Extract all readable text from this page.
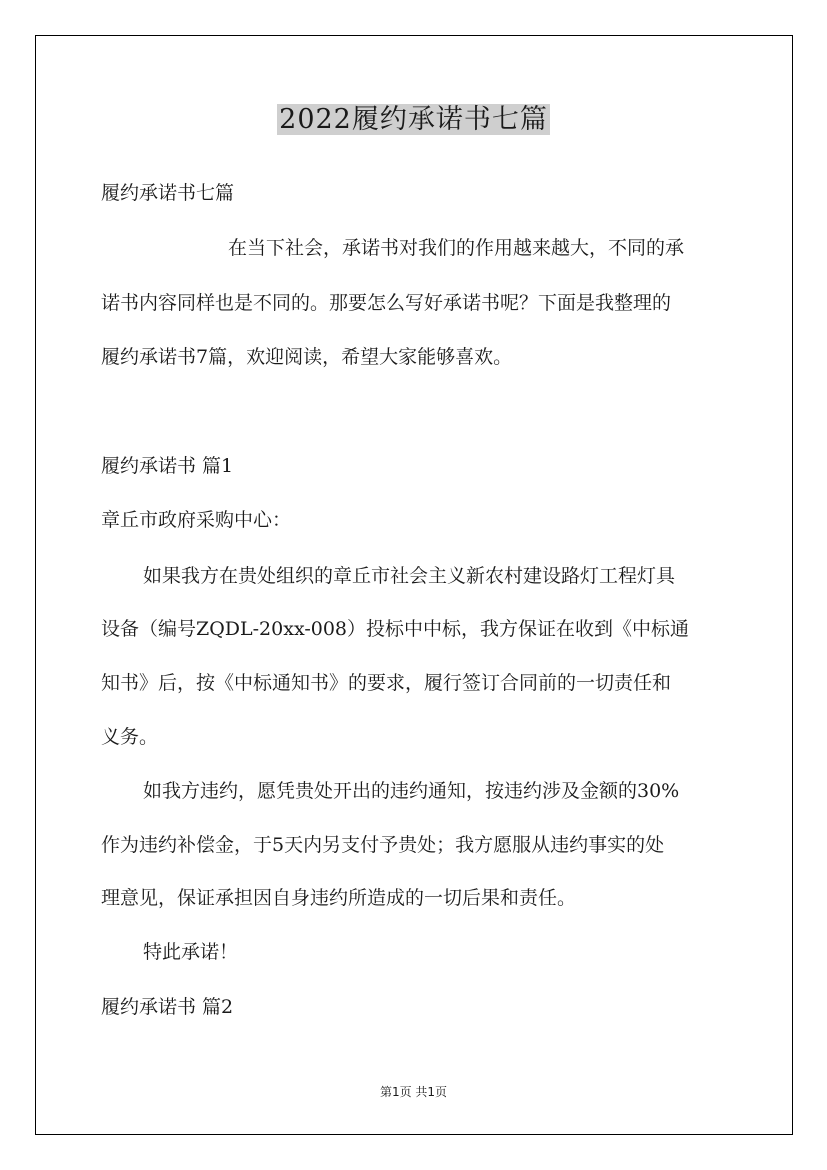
2022履约承诺书七篇
履约承诺书七篇
在当下社会，承诺书对我们的作用越来越大，不同的承
诺书内容同样也是不同的。那要怎么写好承诺书呢？下面是我整理的
履约承诺书7篇，欢迎阅读，希望大家能够喜欢。
履约承诺书 篇1
章丘市政府采购中心：
如果我方在贵处组织的章丘市社会主义新农村建设路灯工程灯具
设备（编号ZQDL-20xx-008）投标中中标，我方保证在收到《中标通
知书》后，按《中标通知书》的要求，履行签订合同前的一切责任和
义务。
如我方违约，愿凭贵处开出的违约通知，按违约涉及金额的30%
作为违约补偿金，于5天内另支付予贵处；我方愿服从违约事实的处
理意见，保证承担因自身违约所造成的一切后果和责任。
特此承诺！
履约承诺书 篇2
第1页 共1页
